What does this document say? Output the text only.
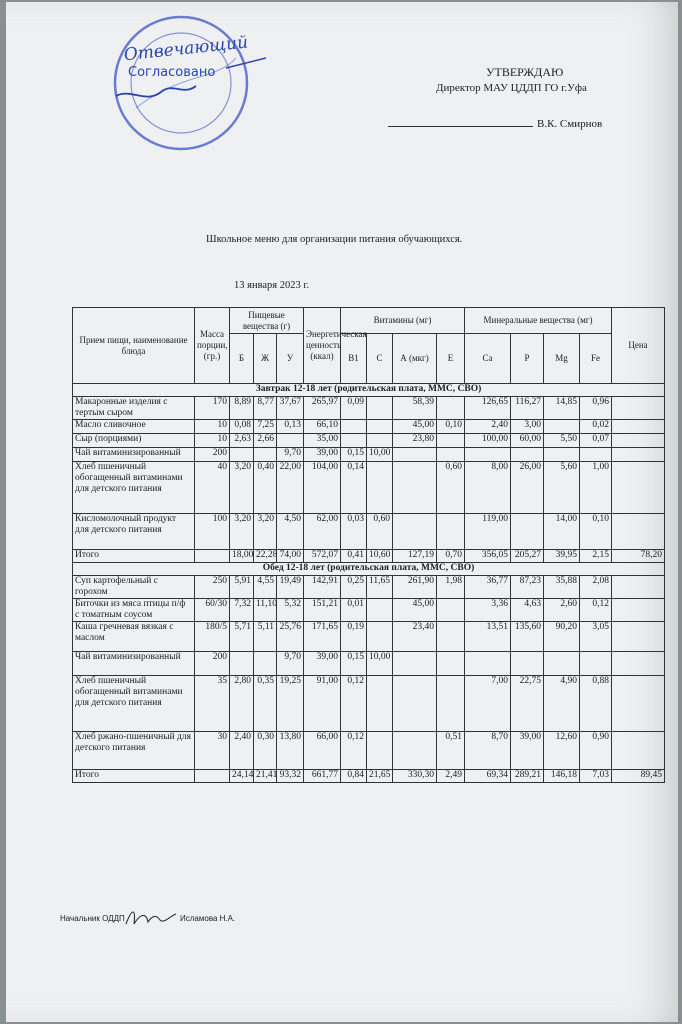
Отвечающий
Согласовано	УТВЕРЖДАЮ
Директор МАУ ЦДДП ГО г.Уфа
В.К. Смирнов
Школьное меню для организации питания обучающихся.
13 января 2023 г.
Прием пищи, наименование блюда	Масса порции, (гр.)	Пищевые вещества (г)			Энергетическая ценность (ккал)	Витамины (мг)				Минеральные вещества (мг)				Цена
		Б	Ж	У		B1	C	А (мкг)	Е	Ca	P	Mg	Fe	
Завтрак 12-18 лет (родительская плата, ММС, СВО)														
Макаронные изделия с тертым сыром	170	8,89	8,77	37,67	265,97	0,09		58,39		126,65	116,27	14,85	0,96	
Масло сливочное	10	0,08	7,25	0,13	66,10			45,00	0,10	2,40	3,00		0,02	
Сыр (порциями)	10	2,63	2,66		35,00			23,80		100,00	60,00	5,50	0,07	
Чай витаминизированный	200			9,70	39,00	0,15	10,00							
Хлеб пшеничный обогащенный витаминами для детского питания	40	3,20	0,40	22,00	104,00	0,14			0,60	8,00	26,00	5,60	1,00	
Кисломолочный продукт для детского питания	100	3,20	3,20	4,50	62,00	0,03	0,60			119,00		14,00	0,10	
Итого		18,00	22,28	74,00	572,07	0,41	10,60	127,19	0,70	356,05	205,27	39,95	2,15	78,20
Обед 12-18 лет (родительская плата, ММС, СВО)														
Суп картофельный с горохом	250	5,91	4,55	19,49	142,91	0,25	11,65	261,90	1,98	36,77	87,23	35,88	2,08	
Биточки из мяса птицы п/ф с томатным соусом	60/30	7,32	11,10	5,32	151,21	0,01		45,00		3,36	4,63	2,60	0,12	
Каша гречневая вязкая с маслом	180/5	5,71	5,11	25,76	171,65	0,19		23,40		13,51	135,60	90,20	3,05	
Чай витаминизированный	200			9,70	39,00	0,15	10,00							
Хлеб пшеничный обогащенный витаминами для детского питания	35	2,80	0,35	19,25	91,00	0,12				7,00	22,75	4,90	0,88	
Хлеб ржано-пшеничный для детского питания	30	2,40	0,30	13,80	66,00	0,12			0,51	8,70	39,00	12,60	0,90	
Итого		24,14	21,41	93,32	661,77	0,84	21,65	330,30	2,49	69,34	289,21	146,18	7,03	89,45
Начальник ОДДП	Исламова Н.А.
